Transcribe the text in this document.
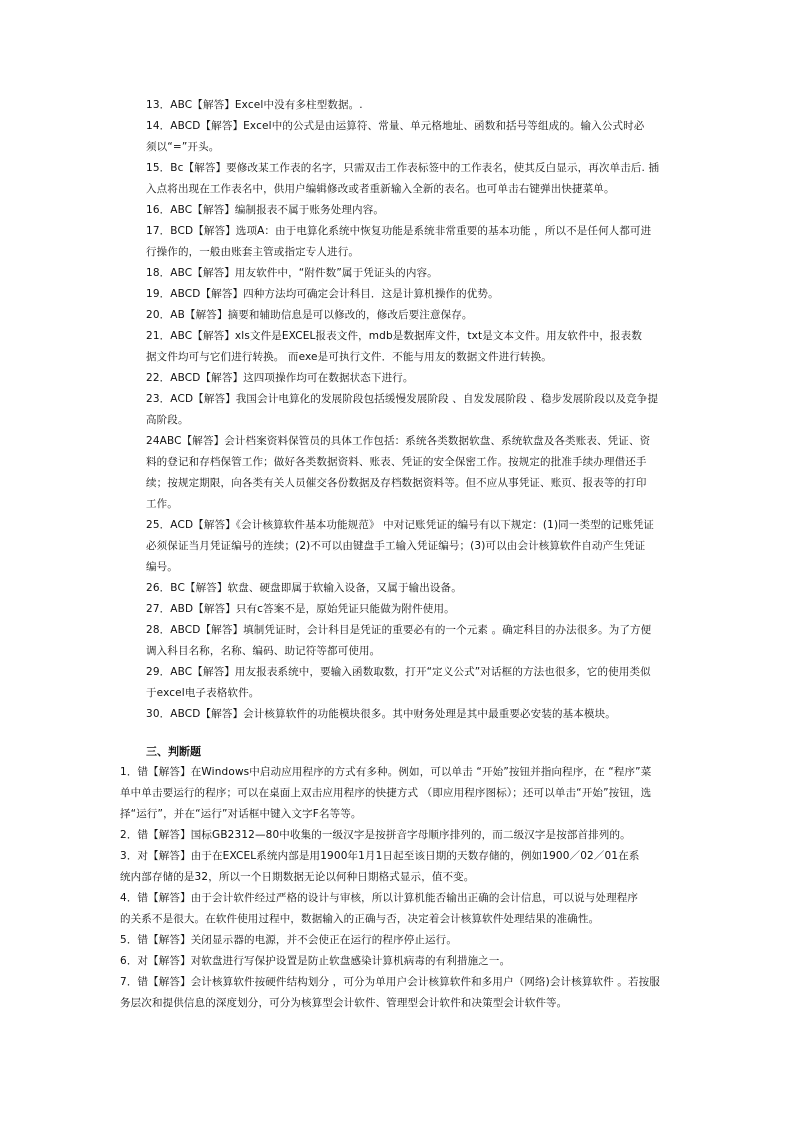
13．ABC【解答】Excel中没有多柱型数据。.
14．ABCD【解答】Excel中的公式是由运算符、常量、单元格地址、函数和括号等组成的。输入公式时必
须以“=”开头。
15．Bc【解答】要修改某工作表的名字，只需双击工作表标签中的工作表名，使其反白显示，再次单击后. 插
入点将出现在工作表名中，供用户编辑修改或者重新输入全新的表名。也可单击右键弹出快捷菜单。
16．ABC【解答】编制报表不属于账务处理内容。
17．BCD【解答】选项A：由于电算化系统中恢复功能是系统非常重要的基本功能 ，所以不是任何人都可进
行操作的，一般由账套主管或指定专人进行。
18．ABC【解答】用友软件中，“附件数”属于凭证头的内容。
19．ABCD【解答】四种方法均可确定会计科目．这是计算机操作的优势。
20．AB【解答】摘要和辅助信息是可以修改的，修改后要注意保存。
21．ABC【解答】xls文件是EXCEL报表文件，mdb是数据库文件，txt是文本文件。用友软件中，报表数
据文件均可与它们进行转换。 而exe是可执行文件．不能与用友的数据文件进行转换。
22．ABCD【解答】这四项操作均可在数据状态下进行。
23．ACD【解答】我国会计电算化的发展阶段包括缓慢发展阶段 、自发发展阶段 、稳步发展阶段以及竞争提
高阶段。
24ABC【解答】会计档案资料保管员的具体工作包括：系统各类数据软盘、系统软盘及各类账表、凭证、资
料的登记和存档保管工作；做好各类数据资料、账表、凭证的安全保密工作。按规定的批准手续办理借还手
续；按规定期限，向各类有关人员催交各份数据及存档数据资料等。但不应从事凭证、账页、报表等的打印
工作。
25．ACD【解答】《会计核算软件基本功能规范》 中对记账凭证的编号有以下规定：(1)同一类型的记账凭证
必须保证当月凭证编号的连续；(2)不可以由键盘手工输入凭证编号；(3)可以由会计核算软件自动产生凭证
编号。
26．BC【解答】软盘、硬盘即属于软输入设备，又属于输出设备。
27．ABD【解答】只有c答案不是，原始凭证只能做为附件使用。
28．ABCD【解答】填制凭证时，会计科目是凭证的重要必有的一个元素 。确定科目的办法很多。为了方便
调入科目名称，名称、编码、助记符等都可使用。
29．ABC【解答】用友报表系统中，要输入函数取数，打开“定义公式”对话框的方法也很多，它的使用类似
于excel电子表格软件。
30．ABCD【解答】会计核算软件的功能模块很多。其中财务处理是其中最重要必安装的基本模块。
三、判断题
1．错【解答】在Windows中启动应用程序的方式有多种。例如，可以单击 “开始”按钮并指向程序，在 “程序”菜
单中单击要运行的程序；可以在桌面上双击应用程序的快捷方式 （即应用程序图标）；还可以单击“开始”按钮，选
择“运行”，并在“运行”对话框中键入文字F名等等。
2．错【解答】国标GB2312—80中收集的一级汉字是按拼音字母顺序排列的，而二级汉字是按部首排列的。
3．对【解答】由于在EXCEL系统内部是用1900年1月1日起至该日期的天数存储的，例如1900／02／01在系
统内部存储的是32，所以一个日期数据无论以何种日期格式显示，值不变。
4．错【解答】由于会计软件经过严格的设计与审核，所以计算机能否输出正确的会计信息，可以说与处理程序
的关系不是很大。在软件使用过程中，数据输入的正确与否，决定着会计核算软件处理结果的准确性。
5．错【解答】关闭显示器的电源，并不会使正在运行的程序停止运行。
6．对【解答】对软盘进行写保护设置是防止软盘感染计算机病毒的有利措施之一。
7．错【解答】会计核算软件按硬件结构划分 ，可分为单用户会计核算软件和多用户（网络)会计核算软件 。若按服
务层次和提供信息的深度划分，可分为核算型会计软件、管理型会计软件和决策型会计软件等。
